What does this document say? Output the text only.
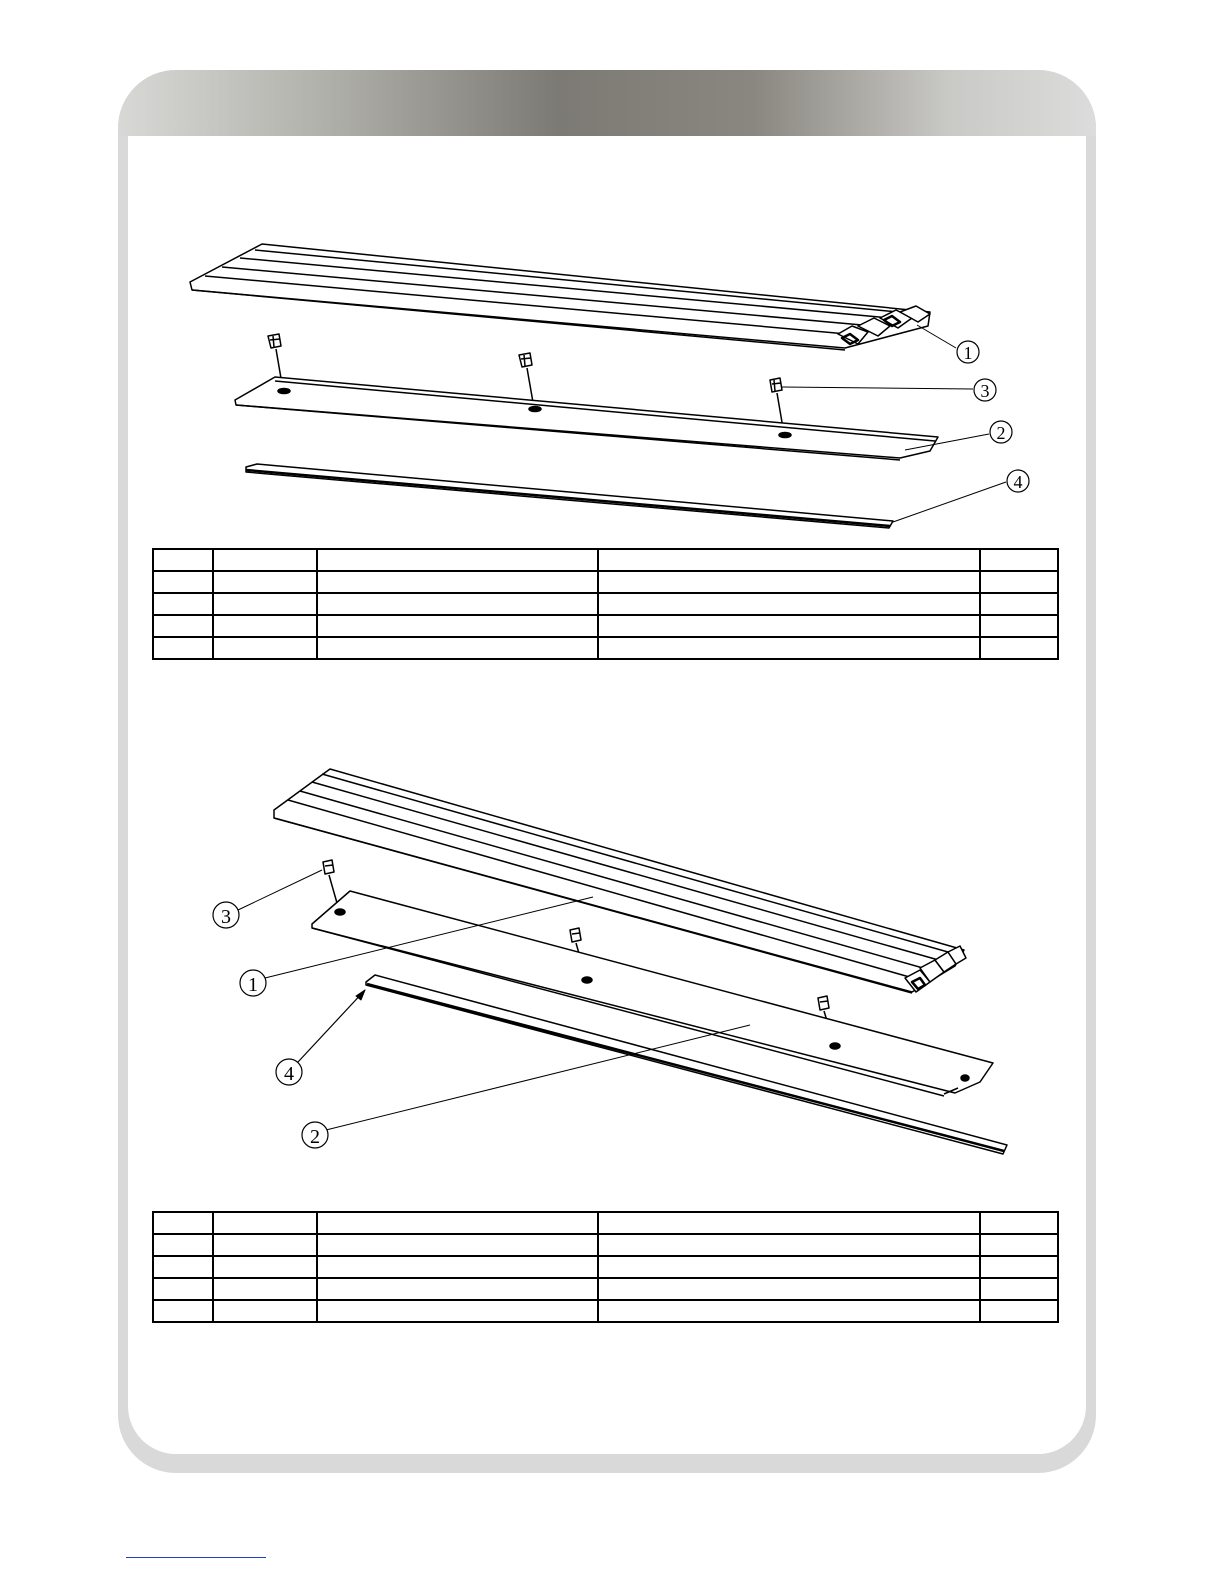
1
3
2
4
3
1
4
2
